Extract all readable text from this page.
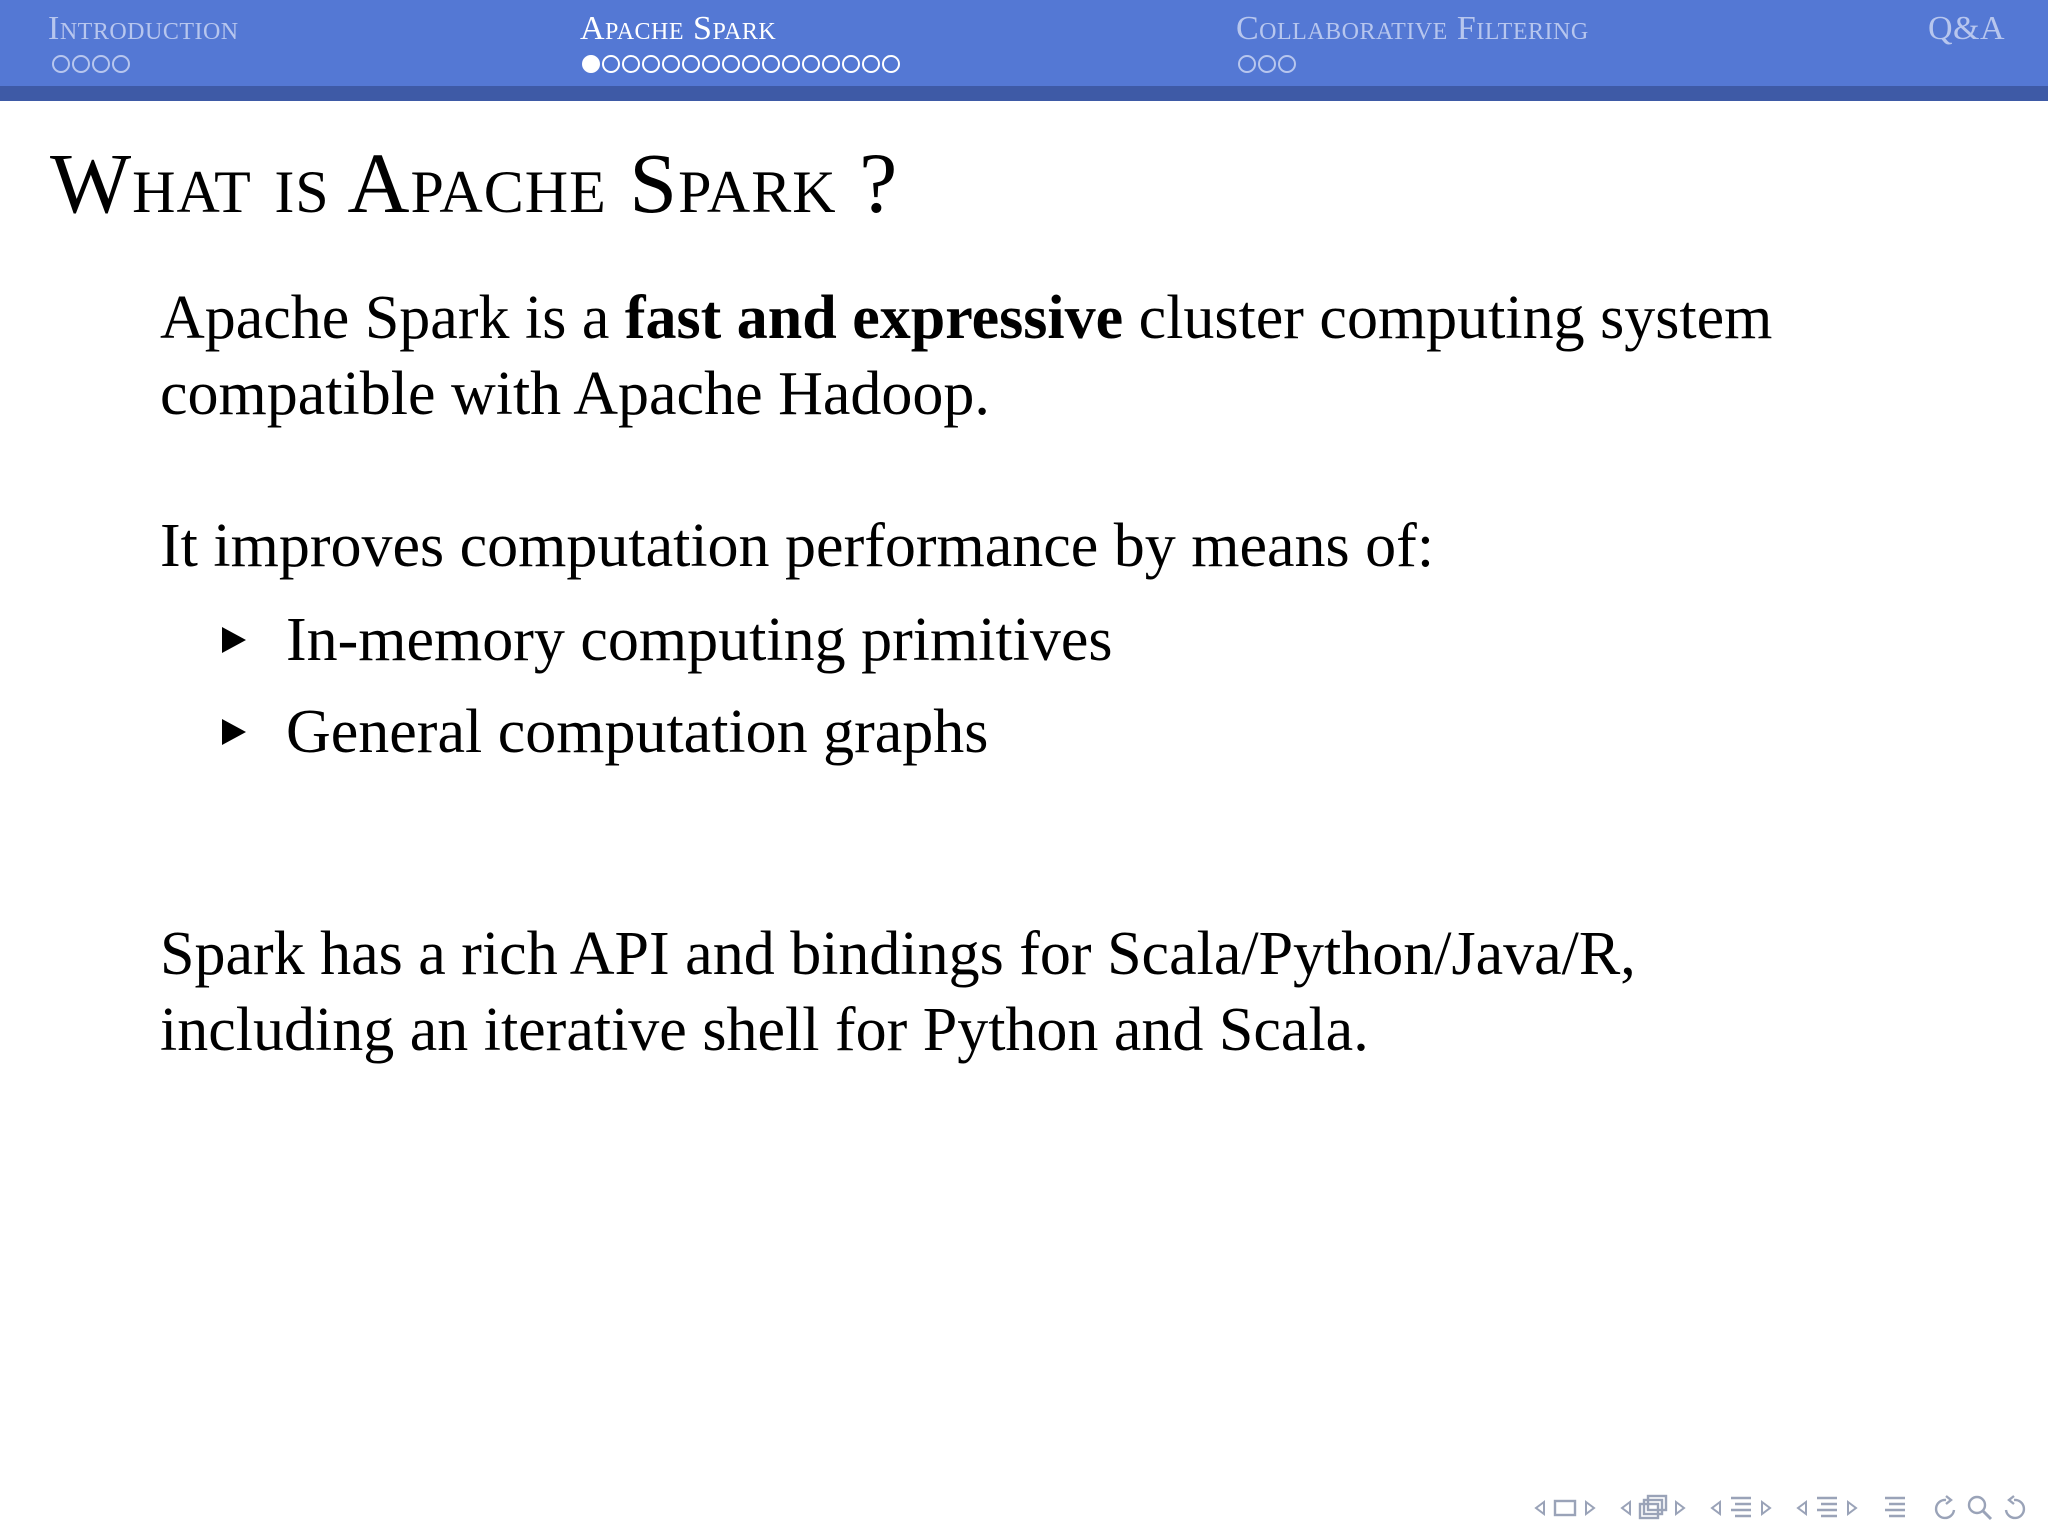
Introduction	Apache Spark	Collaborative Filtering	Q&A
What is Apache Spark ?
Apache Spark is a fast and expressive cluster computing system
compatible with Apache Hadoop.
It improves computation performance by means of:
In-memory computing primitives
General computation graphs
Spark has a rich API and bindings for Scala/Python/Java/R,
including an iterative shell for Python and Scala.
